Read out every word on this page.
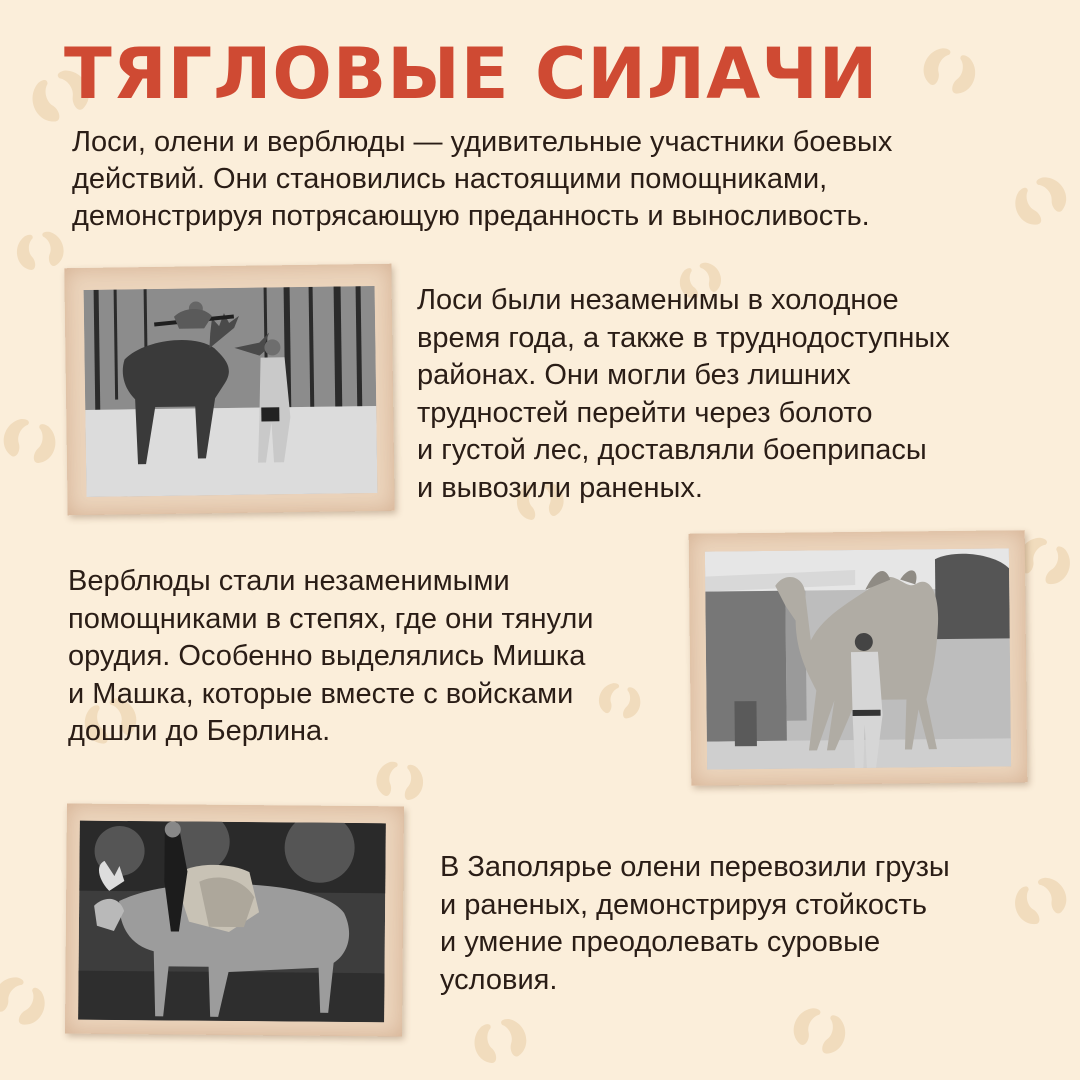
ТЯГЛОВЫЕ СИЛАЧИ
Лоси, олени и верблюды — удивительные участники боевых
действий. Они становились настоящими помощниками,
демонстрируя потрясающую преданность и выносливость.
Лоси были незаменимы в холодное
время года, а также в труднодоступных
районах. Они могли без лишних
трудностей перейти через болото
и густой лес, доставляли боеприпасы
и вывозили раненых.
Верблюды стали незаменимыми
помощниками в степях, где они тянули
орудия. Особенно выделялись Мишка
и Машка, которые вместе с войсками
дошли до Берлина.
В Заполярье олени перевозили грузы
и раненых, демонстрируя стойкость
и умение преодолевать суровые
условия.
